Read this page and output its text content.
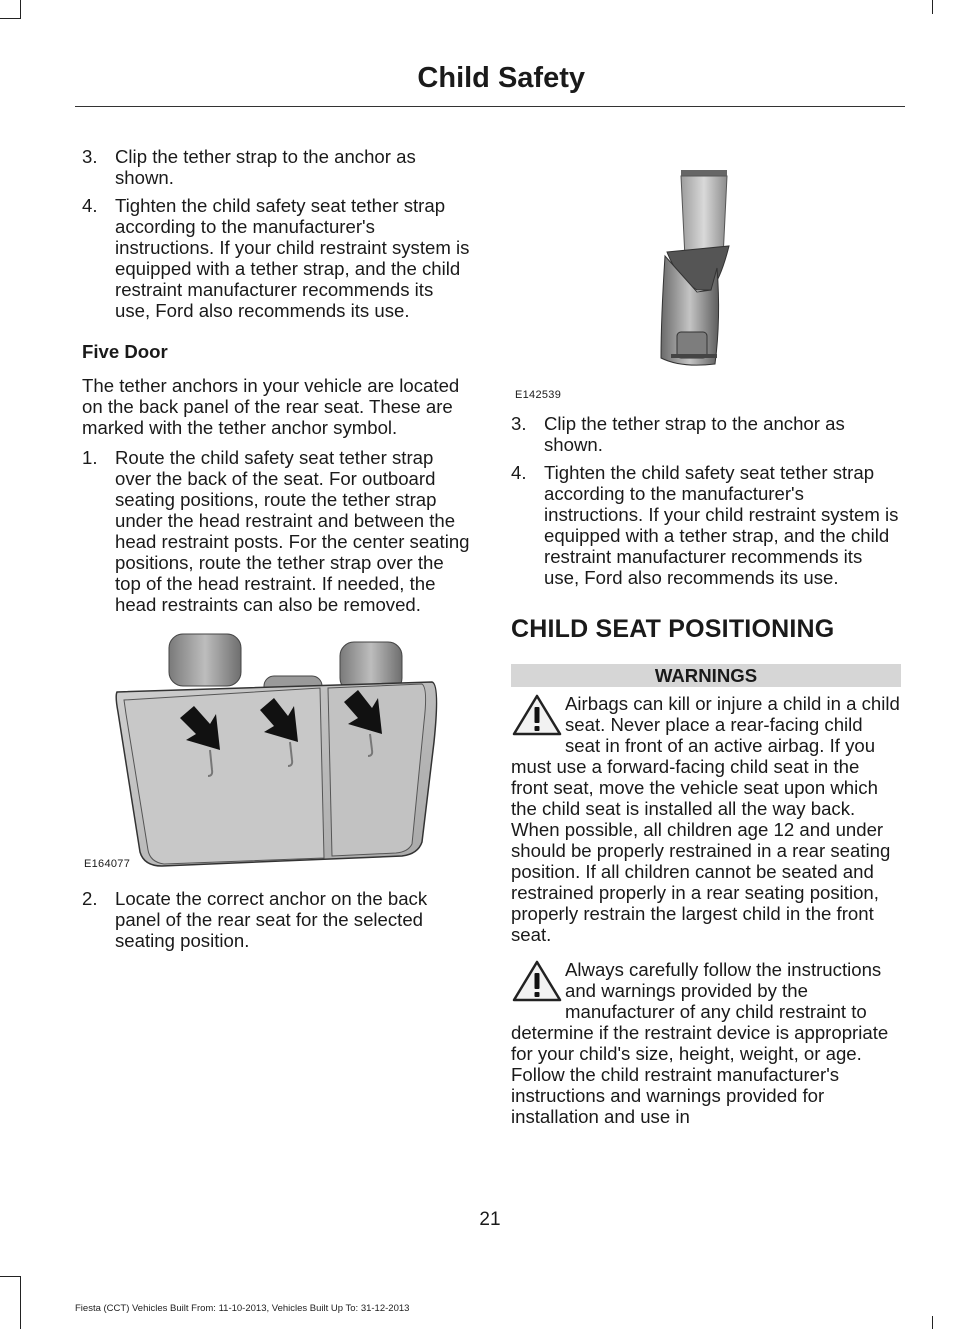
Child Safety
3. Clip the tether strap to the anchor as shown.
4. Tighten the child safety seat tether strap according to the manufacturer's instructions. If your child restraint system is equipped with a tether strap, and the child restraint manufacturer recommends its use, Ford also recommends its use.
Five Door
The tether anchors in your vehicle are located on the back panel of the rear seat. These are marked with the tether anchor symbol.
1. Route the child safety seat tether strap over the back of the seat. For outboard seating positions, route the tether strap under the head restraint and between the head restraint posts. For the center seating positions, route the tether strap over the top of the head restraint. If needed, the head restraints can also be removed.
E164077
2. Locate the correct anchor on the back panel of the rear seat for the selected seating position.
E142539
3. Clip the tether strap to the anchor as shown.
4. Tighten the child safety seat tether strap according to the manufacturer's instructions. If your child restraint system is equipped with a tether strap, and the child restraint manufacturer recommends its use, Ford also recommends its use.
CHILD SEAT POSITIONING
WARNINGS
Airbags can kill or injure a child in a child seat. Never place a rear-facing child seat in front of an active airbag. If you must use a forward-facing child seat in the front seat, move the vehicle seat upon which the child seat is installed all the way back. When possible, all children age 12 and under should be properly restrained in a rear seating position. If all children cannot be seated and restrained properly in a rear seating position, properly restrain the largest child in the front seat.
Always carefully follow the instructions and warnings provided by the manufacturer of any child restraint to determine if the restraint device is appropriate for your child's size, height, weight, or age. Follow the child restraint manufacturer's instructions and warnings provided for installation and use in
21
Fiesta (CCT) Vehicles Built From: 11-10-2013, Vehicles Built Up To: 31-12-2013
